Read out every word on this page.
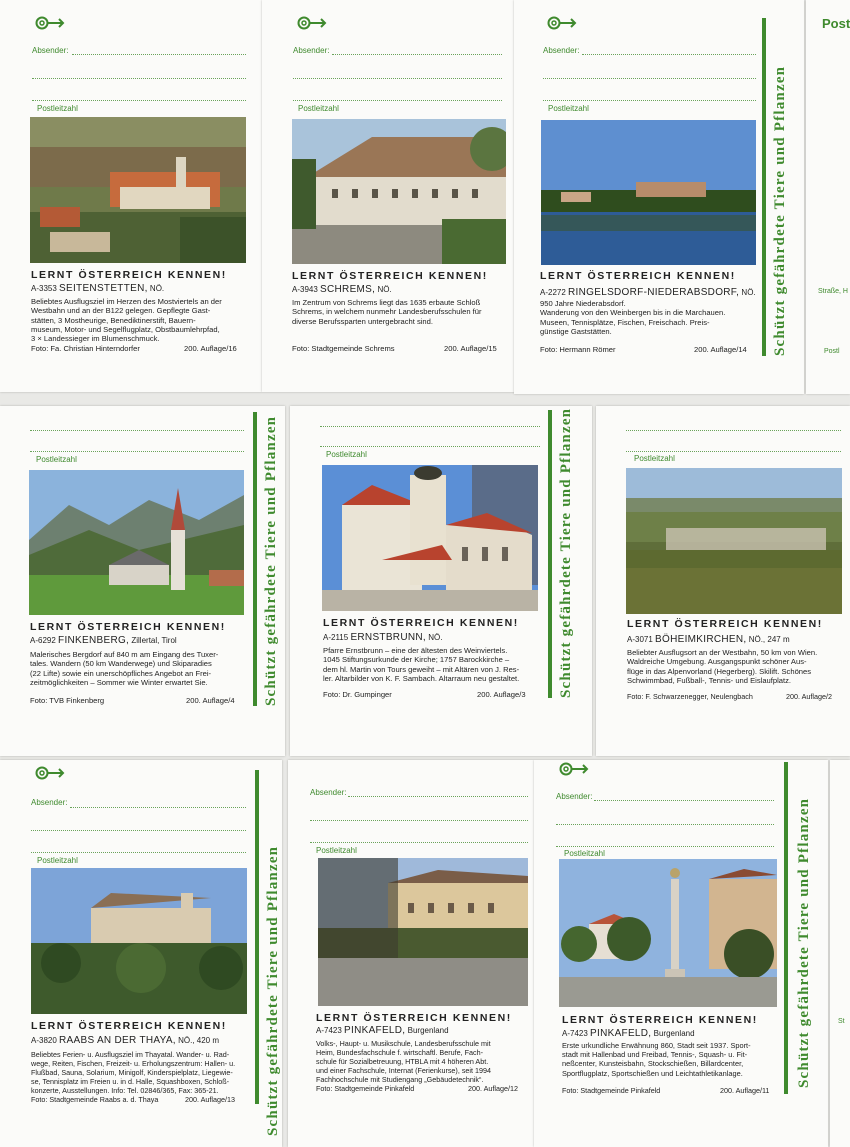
Absender:
Postleitzahl
LERNT ÖSTERREICH KENNEN!
A-3353 SEITENSTETTEN, NÖ.
Beliebtes Ausflugsziel im Herzen des Mostviertels an der
Westbahn und an der B122 gelegen. Gepflegte Gast-
stätten, 3 Mostheurige, Benediktinerstift, Bauern-
museum, Motor- und Segelflugplatz, Obstbaumlehrpfad,
3 × Landessieger im Blumenschmuck.
Foto: Fa. Christian Hinterndorfer	200. Auflage/16
Absender:
Postleitzahl
LERNT ÖSTERREICH KENNEN!
A-3943 SCHREMS, NÖ.
Im Zentrum von Schrems liegt das 1635 erbaute Schloß
Schrems, in welchem nunmehr Landesberufsschulen für
diverse Berufssparten untergebracht sind.
Foto: Stadtgemeinde Schrems	200. Auflage/15
Absender:
Postleitzahl
LERNT ÖSTERREICH KENNEN!
A-2272 RINGELSDORF-NIEDERABSDORF, NÖ.
950 Jahre Niederabsdorf.
Wanderung von den Weinbergen bis in die Marchauen.
Museen, Tennisplätze, Fischen, Freischach. Preis-
günstige Gaststätten.
Foto: Hermann Römer	200. Auflage/14 Schützt gefährdete Tiere und Pflanzen
Post
Straße, H
Postl
Postleitzahl
LERNT ÖSTERREICH KENNEN!
A-6292 FINKENBERG, Zillertal, Tirol
Malerisches Bergdorf auf 840 m am Eingang des Tuxer-
tales. Wandern (50 km Wanderwege) und Skiparadies
(22 Lifte) sowie ein unerschöpfliches Angebot an Frei-
zeitmöglichkeiten – Sommer wie Winter erwartet Sie.
Foto: TVB Finkenberg	200. Auflage/4 Schützt gefährdete Tiere und Pflanzen	Postleitzahl
LERNT ÖSTERREICH KENNEN!
A-2115 ERNSTBRUNN, NÖ.
Pfarre Ernstbrunn – eine der ältesten des Weinviertels.
1045 Stiftungsurkunde der Kirche; 1757 Barockkirche –
dem hl. Martin von Tours geweiht – mit Altären von J. Res-
ler. Altarbilder von K. F. Sambach. Altarraum neu gestaltet.
Foto: Dr. Gumpinger	200. Auflage/3 Schützt gefährdete Tiere und Pflanzen	Postleitzahl
LERNT ÖSTERREICH KENNEN!
A-3071 BÖHEIMKIRCHEN, NÖ., 247 m
Beliebter Ausflugsort an der Westbahn, 50 km von Wien.
Waldreiche Umgebung. Ausgangspunkt schöner Aus-
flüge in das Alpenvorland (Hegerberg). Skilift. Schönes
Schwimmbad, Fußball-, Tennis- und Eislaufplatz.
Foto: F. Schwarzenegger, Neulengbach	200. Auflage/2
Absender:
Postleitzahl
LERNT ÖSTERREICH KENNEN!
A-3820 RAABS AN DER THAYA, NÖ., 420 m
Beliebtes Ferien- u. Ausflugsziel im Thayatal. Wander- u. Rad-
wege, Reiten, Fischen, Freizeit- u. Erholungszentrum: Hallen- u.
Flußbad, Sauna, Solarium, Minigolf, Kinderspielplatz, Liegewie-
se, Tennisplatz im Freien u. in d. Halle, Squashboxen, Schloß-
konzerte, Ausstellungen. Info: Tel. 02846/365, Fax: 365-21.
Foto: Stadtgemeinde Raabs a. d. Thaya	200. Auflage/13 Schützt gefährdete Tiere und Pflanzen
Absender:
Postleitzahl
LERNT ÖSTERREICH KENNEN!
A-7423 PINKAFELD, Burgenland
Volks-, Haupt- u. Musikschule, Landesberufsschule mit
Heim, Bundesfachschule f. wirtschaftl. Berufe, Fach-
schule für Sozialbetreuung, HTBLA mit 4 höheren Abt.
und einer Fachschule, Internat (Ferienkurse), seit 1994
Fachhochschule mit Studiengang „Gebäudetechnik“.
Foto: Stadtgemeinde Pinkafeld	200. Auflage/12
Absender:
Postleitzahl
LERNT ÖSTERREICH KENNEN!
A-7423 PINKAFELD, Burgenland
Erste urkundliche Erwähnung 860, Stadt seit 1937. Sport-
stadt mit Hallenbad und Freibad, Tennis-, Squash- u. Fit-
neßcenter, Kunsteisbahn, Stockschießen, Billardcenter,
Sportflugplatz, Sportschießen und Leichtathletikanlage.
Foto: Stadtgemeinde Pinkafeld	200. Auflage/11
Schützt gefährdete Tiere und Pflanzen	St
